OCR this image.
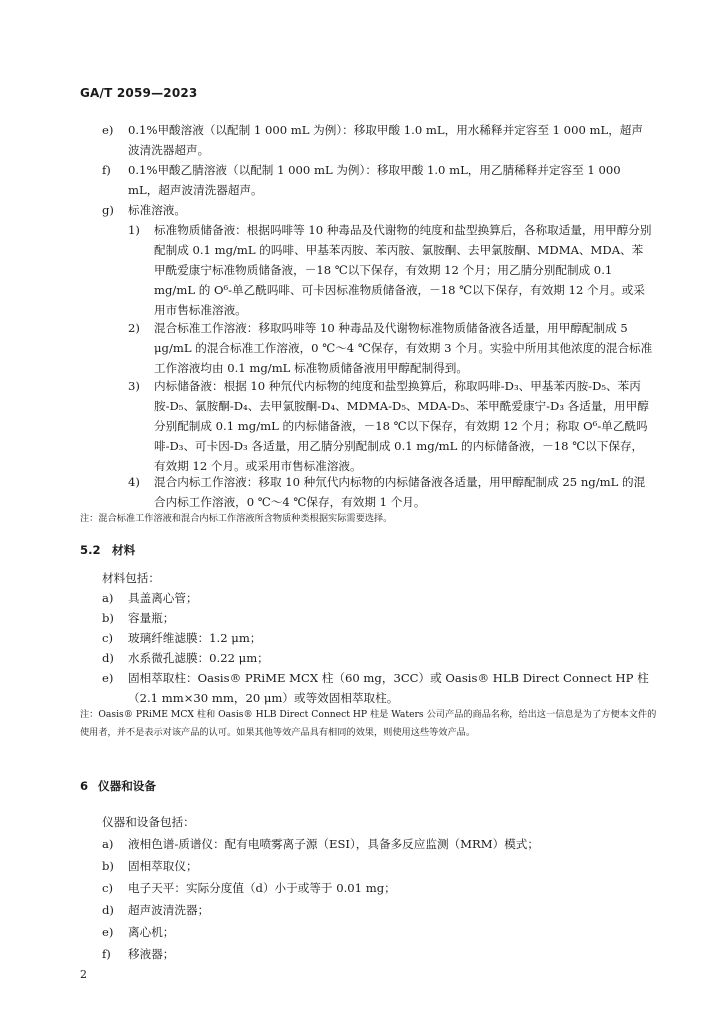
GA/T 2059—2023
e) 0.1%甲酸溶液（以配制 1 000 mL 为例）：移取甲酸 1.0 mL，用水稀释并定容至 1 000 mL，超声 波清洗器超声。
f) 0.1%甲酸乙腈溶液（以配制 1 000 mL 为例）：移取甲酸 1.0 mL，用乙腈稀释并定容至 1 000 mL，超声波清洗器超声。
g) 标准溶液。
1) 标准物质储备液：根据吗啡等 10 种毒品及代谢物的纯度和盐型换算后，各称取适量，用甲醇分别配制成 0.1 mg/mL 的吗啡、甲基苯丙胺、苯丙胺、氯胺酮、去甲氯胺酮、MDMA、MDA、苯甲酰爱康宁标准物质储备液，－18 ℃以下保存，有效期 12 个月；用乙腈分别配制成 0.1 mg/mL 的 O⁶-单乙酰吗啡、可卡因标准物质储备液，－18 ℃以下保存，有效期 12 个月。或采用市售标准溶液。
2) 混合标准工作溶液：移取吗啡等 10 种毒品及代谢物标准物质储备液各适量，用甲醇配制成 5 μg/mL 的混合标准工作溶液，0 ℃～4 ℃保存，有效期 3 个月。实验中所用其他浓度的混合标准工作溶液均由 0.1 mg/mL 标准物质储备液用甲醇配制得到。
3) 内标储备液：根据 10 种氘代内标物的纯度和盐型换算后，称取吗啡-D₃、甲基苯丙胺-D₅、苯丙胺-D₅、氯胺酮-D₄、去甲氯胺酮-D₄、MDMA-D₅、MDA-D₅、苯甲酰爱康宁-D₃ 各适量，用甲醇分别配制成 0.1 mg/mL 的内标储备液，－18 ℃以下保存，有效期 12 个月；称取 O⁶-单乙酰吗啡-D₃、可卡因-D₃ 各适量，用乙腈分别配制成 0.1 mg/mL 的内标储备液，－18 ℃以下保存，有效期 12 个月。或采用市售标准溶液。
4) 混合内标工作溶液：移取 10 种氘代内标物的内标储备液各适量，用甲醇配制成 25 ng/mL 的混合内标工作溶液，0 ℃～4 ℃保存，有效期 1 个月。
注：混合标准工作溶液和混合内标工作溶液所含物质种类根据实际需要选择。
5.2 材料
材料包括：
a) 具盖离心管；
b) 容量瓶；
c) 玻璃纤维滤膜：1.2 μm；
d) 水系微孔滤膜：0.22 μm；
e) 固相萃取柱：Oasis® PRiME MCX 柱（60 mg，3CC）或 Oasis® HLB Direct Connect HP 柱（2.1 mm×30 mm，20 μm）或等效固相萃取柱。
注：Oasis® PRiME MCX 柱和 Oasis® HLB Direct Connect HP 柱是 Waters 公司产品的商品名称，给出这一信息是为了方便本文件的使用者，并不是表示对该产品的认可。如果其他等效产品具有相同的效果，则使用这些等效产品。
6 仪器和设备
仪器和设备包括：
a) 液相色谱-质谱仪：配有电喷雾离子源（ESI），具备多反应监测（MRM）模式；
b) 固相萃取仪；
c) 电子天平：实际分度值（d）小于或等于 0.01 mg；
d) 超声波清洗器；
e) 离心机；
f) 移液器；
2
